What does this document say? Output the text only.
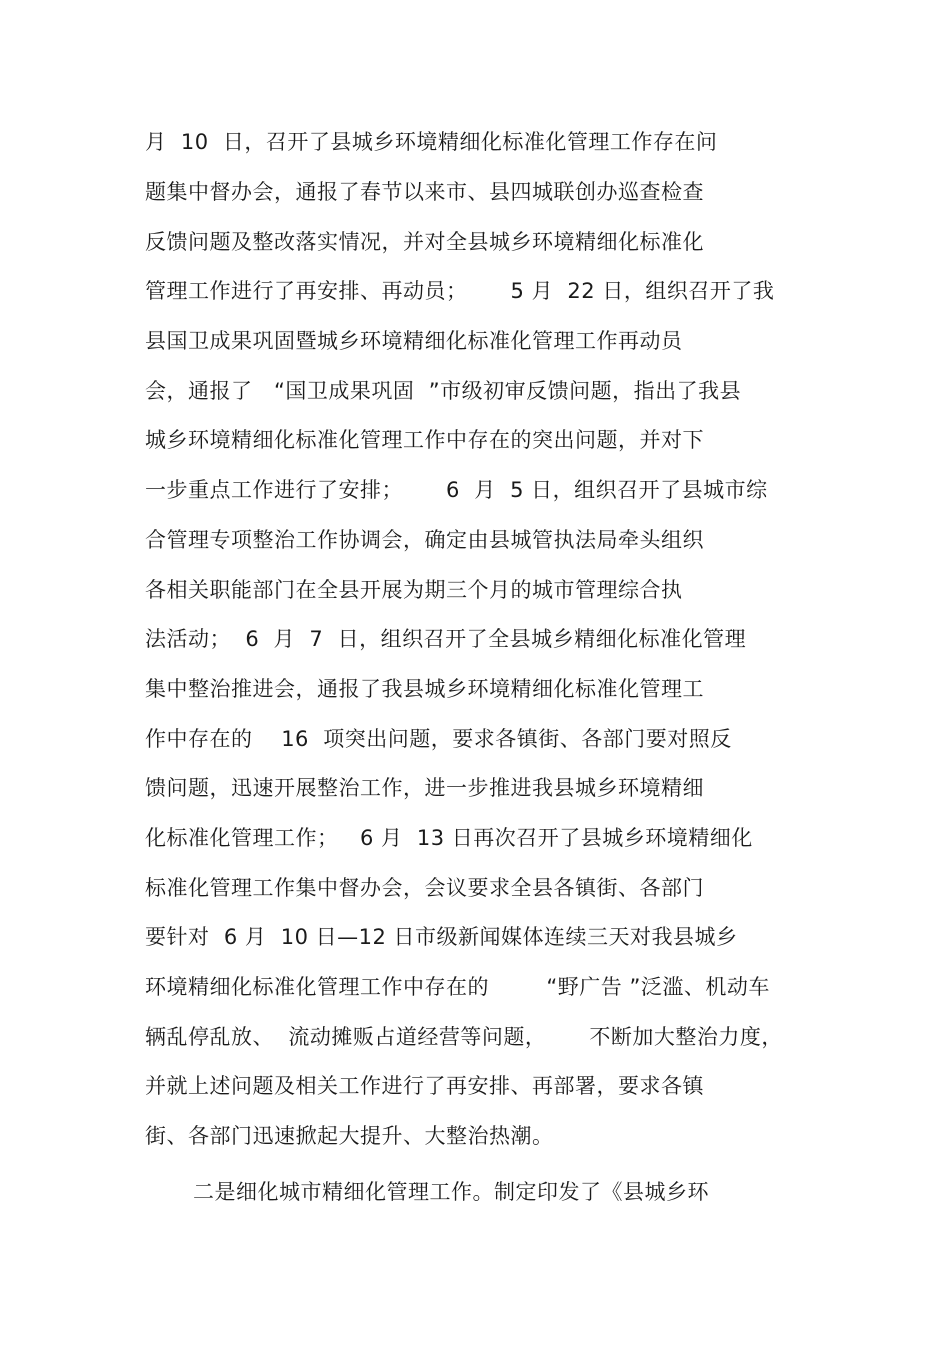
月  10  日，召开了县城乡环境精细化标准化管理工作存在问
题集中督办会，通报了春节以来市、县四城联创办巡查检查
反馈问题及整改落实情况，并对全县城乡环境精细化标准化
管理工作进行了再安排、再动员；      5 月  22 日，组织召开了我
县国卫成果巩固暨城乡环境精细化标准化管理工作再动员
会，通报了   “国卫成果巩固  ”市级初审反馈问题，指出了我县
城乡环境精细化标准化管理工作中存在的突出问题，并对下
一步重点工作进行了安排；      6  月  5 日，组织召开了县城市综
合管理专项整治工作协调会，确定由县城管执法局牵头组织
各相关职能部门在全县开展为期三个月的城市管理综合执
法活动；  6  月  7  日，组织召开了全县城乡精细化标准化管理
集中整治推进会，通报了我县城乡环境精细化标准化管理工
作中存在的    16  项突出问题，要求各镇街、各部门要对照反
馈问题，迅速开展整治工作，进一步推进我县城乡环境精细
化标准化管理工作；   6 月  13 日再次召开了县城乡环境精细化
标准化管理工作集中督办会，会议要求全县各镇街、各部门
要针对  6 月  10 日—12 日市级新闻媒体连续三天对我县城乡
环境精细化标准化管理工作中存在的        “野广告 ”泛滥、机动车
辆乱停乱放、  流动摊贩占道经营等问题，      不断加大整治力度，
并就上述问题及相关工作进行了再安排、再部署，要求各镇
街、各部门迅速掀起大提升、大整治热潮。
二是细化城市精细化管理工作。制定印发了《县城乡环
